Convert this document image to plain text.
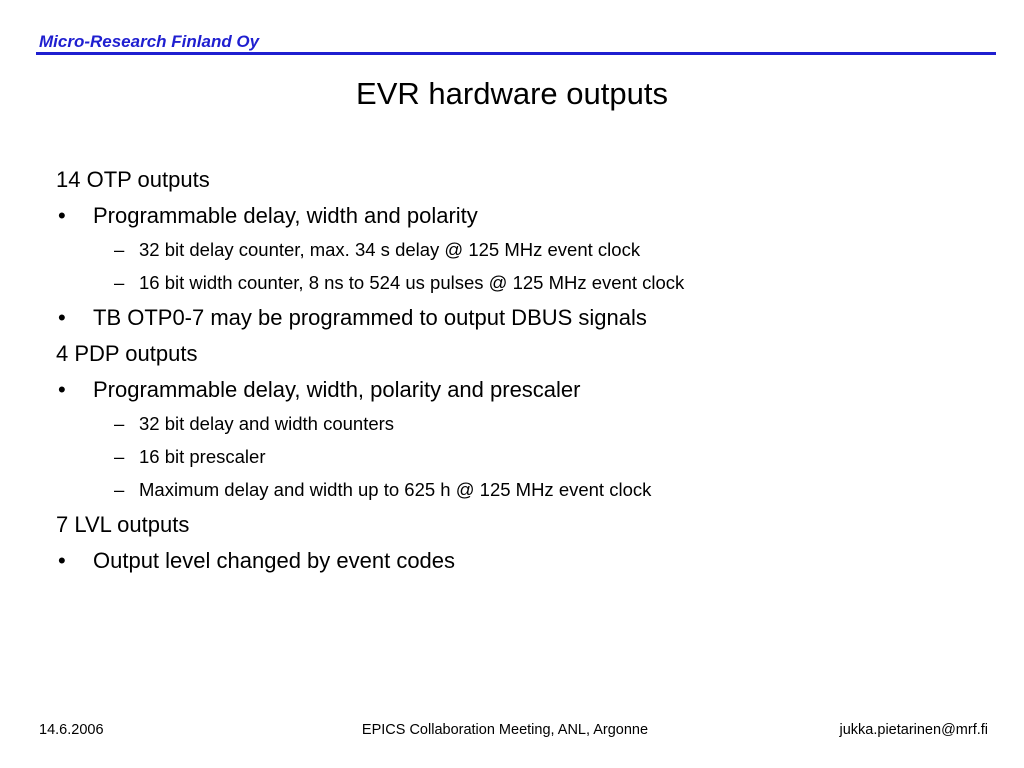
Micro-Research Finland Oy
EVR hardware outputs
14 OTP outputs
• Programmable delay, width and polarity
– 32 bit delay counter, max. 34 s delay @ 125 MHz event clock
– 16 bit width counter, 8 ns to 524 us pulses @ 125 MHz event clock
• TB OTP0-7 may be programmed to output DBUS signals
4 PDP outputs
• Programmable delay, width, polarity and prescaler
– 32 bit delay and width counters
– 16 bit prescaler
– Maximum delay and width up to 625 h @ 125 MHz event clock
7 LVL outputs
• Output level changed by event codes
14.6.2006	EPICS Collaboration Meeting, ANL, Argonne	jukka.pietarinen@mrf.fi
